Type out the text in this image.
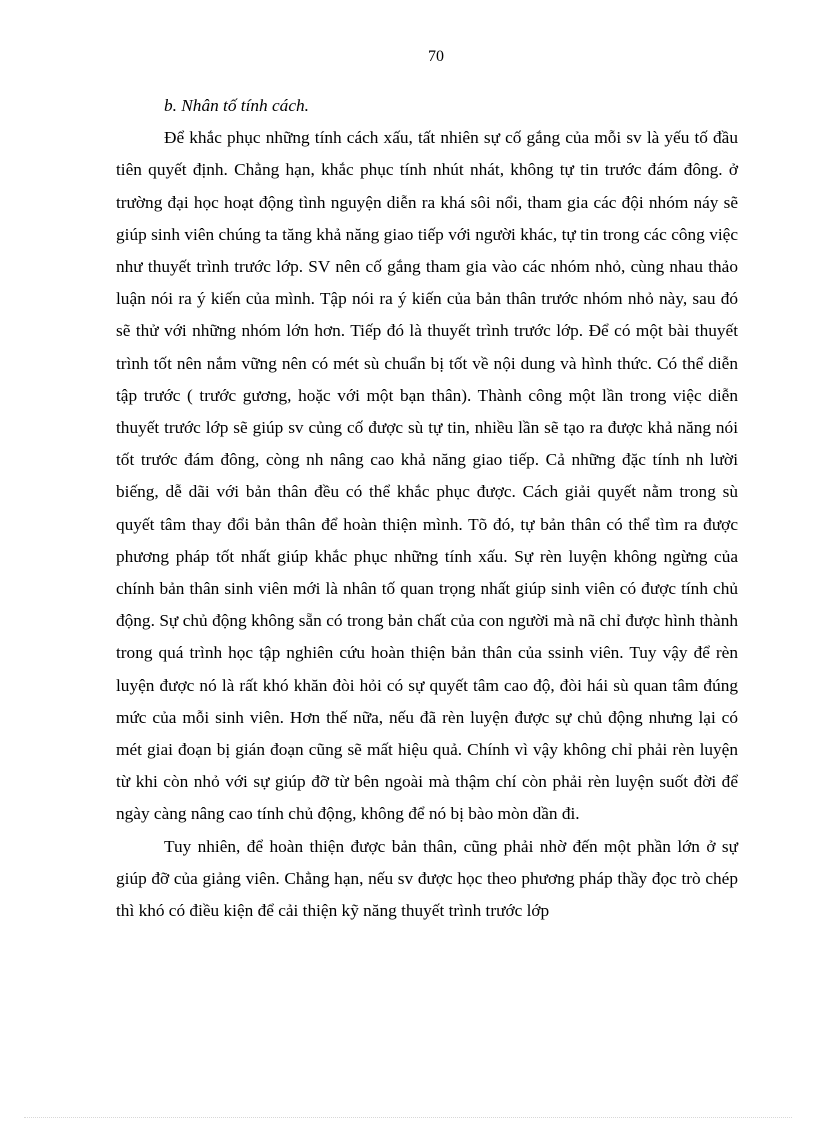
70

b. Nhân tố tính cách.

Để khắc phục những tính cách xấu, tất nhiên sự cố gắng của mỗi sv là yếu tố đầu tiên quyết định. Chẳng hạn, khắc phục tính nhút nhát, không tự tin trước đám đông. ở trường đại học hoạt động tình nguyện diễn ra khá sôi nổi, tham gia các đội nhóm náy sẽ giúp sinh viên chúng ta tăng khả năng giao tiếp với người khác, tự tin trong các công việc như thuyết trình trước lớp. SV nên cố gắng tham gia vào các nhóm nhỏ, cùng nhau thảo luận nói ra ý kiến của mình. Tập nói ra ý kiến của bản thân trước nhóm nhỏ này, sau đó sẽ thử với những nhóm lớn hơn. Tiếp đó là thuyết trình trước lớp. Để có một bài thuyết trình tốt nên nắm vững nên có mét sù chuẩn bị tốt về nội dung và hình thức. Có thể diễn tập trước ( trước gương, hoặc với một bạn thân). Thành công một lần trong việc diễn thuyết trước lớp sẽ giúp sv củng cố được sù tự tin, nhiều lần sẽ tạo ra được khả năng nói tốt trước đám đông, còng nh nâng cao khả năng giao tiếp. Cả những đặc tính nh lười biếng, dễ dãi với bản thân đều có thể khắc phục được. Cách giải quyết nằm trong sù quyết tâm thay đổi bản thân để hoàn thiện mình. Tõ đó, tự bản thân có thể tìm ra được phương pháp tốt nhất giúp khắc phục những tính xấu. Sự rèn luyện không ngừng của chính bản thân sinh viên mới là nhân tố quan trọng nhất giúp sinh viên có được tính chủ động. Sự chủ động không sẵn có trong bản chất của con người mà nã chỉ được hình thành trong quá trình học tập nghiên cứu hoàn thiện bản thân của ssinh viên. Tuy vậy để rèn luyện được nó là rất khó khăn đòi hỏi có sự quyết tâm cao độ, đòi hái sù quan tâm đúng mức của mỗi sinh viên. Hơn thế nữa, nếu đã rèn luyện được sự chủ động nhưng lại có mét giai đoạn bị gián đoạn cũng sẽ mất hiệu quả. Chính vì vậy không chỉ phải rèn luyện từ khi còn nhỏ với sự giúp đỡ từ bên ngoài mà thậm chí còn phải rèn luyện suốt đời để ngày càng nâng cao tính chủ động, không để nó bị bào mòn dần đi.

Tuy nhiên, để hoàn thiện được bản thân, cũng phải nhờ đến một phần lớn ở sự giúp đỡ của giảng viên. Chẳng hạn, nếu sv được học theo phương pháp thầy đọc trò chép thì khó có điều kiện để cải thiện kỹ năng thuyết trình trước lớp
